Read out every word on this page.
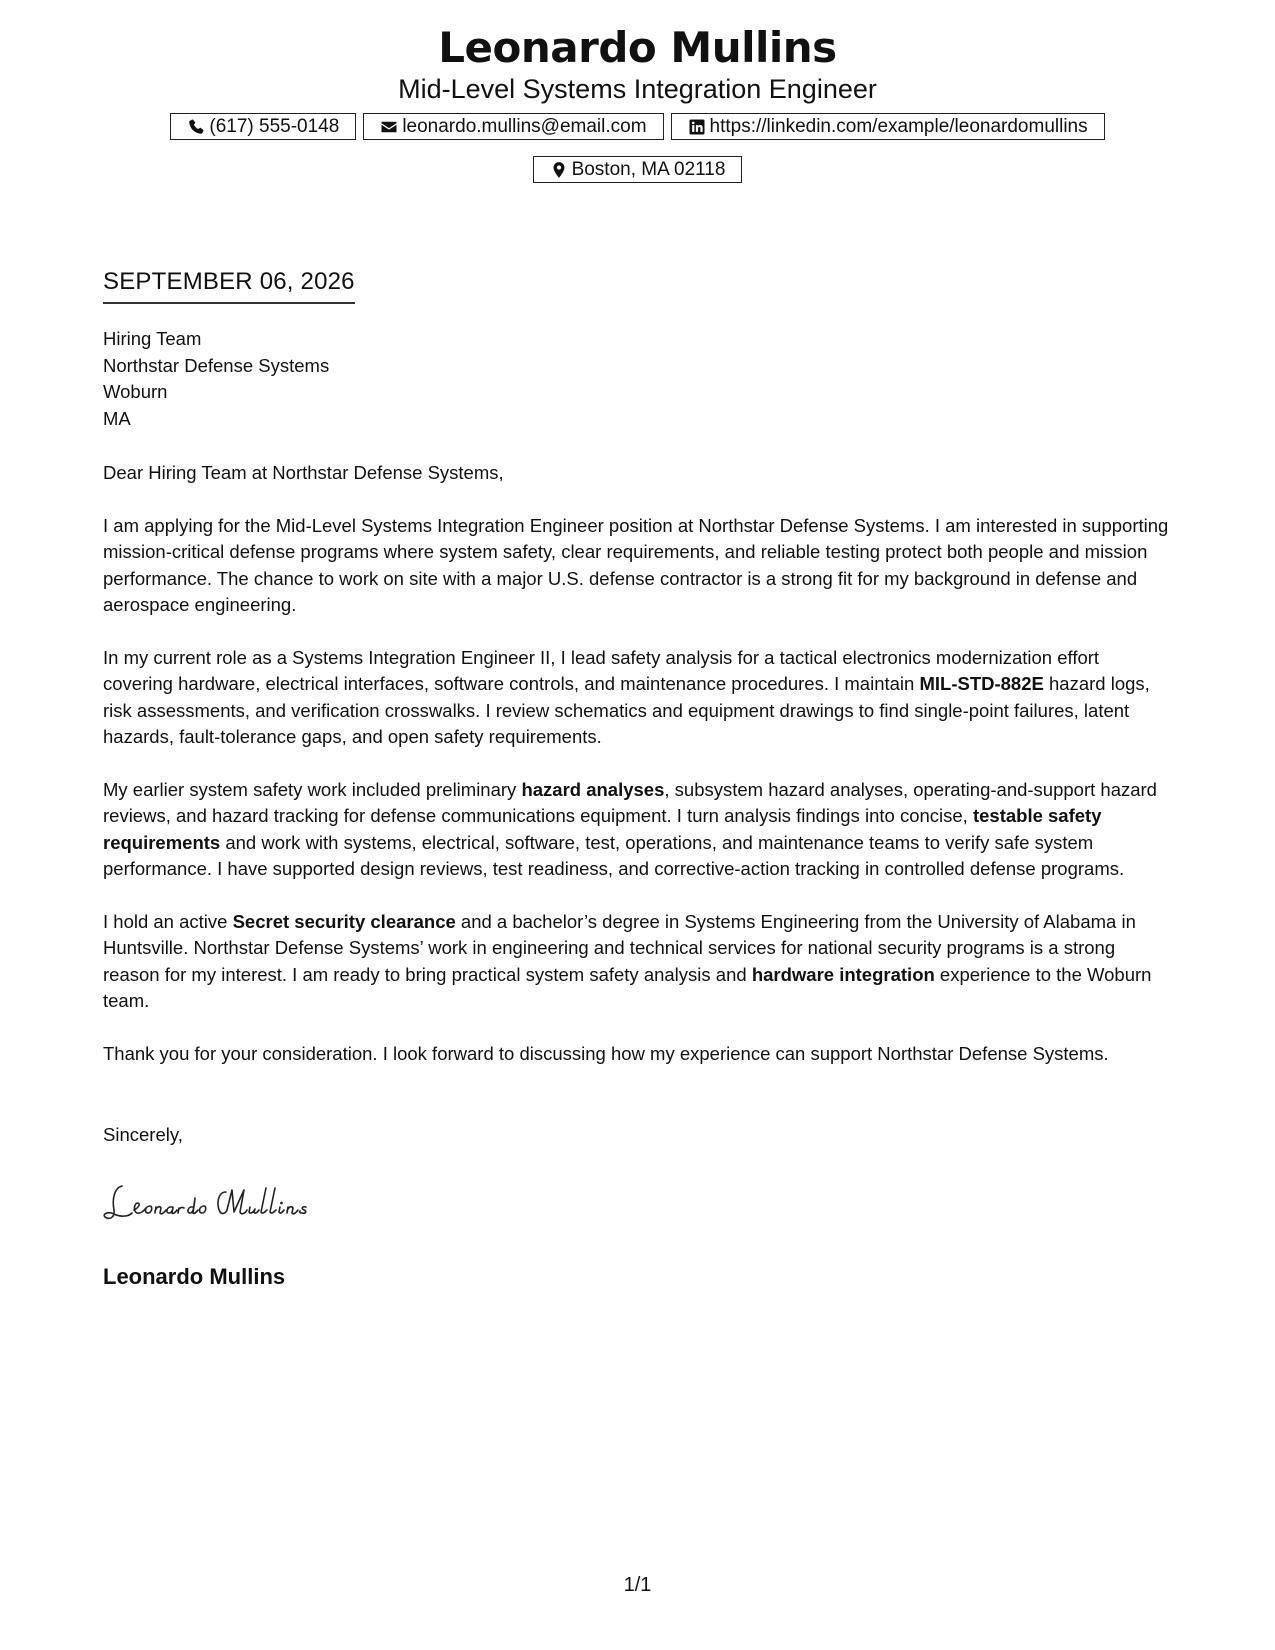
Leonardo Mullins
Mid-Level Systems Integration Engineer
(617) 555-0148	leonardo.mullins@email.com	https://linkedin.com/example/leonardomullins
Boston, MA 02118
SEPTEMBER 06, 2026
Hiring Team
Northstar Defense Systems
Woburn
MA

Dear Hiring Team at Northstar Defense Systems,

I am applying for the Mid-Level Systems Integration Engineer position at Northstar Defense Systems. I am interested in supporting mission-critical defense programs where system safety, clear requirements, and reliable testing protect both people and mission performance. The chance to work on site with a major U.S. defense contractor is a strong fit for my background in defense and aerospace engineering.

In my current role as a Systems Integration Engineer II, I lead safety analysis for a tactical electronics modernization effort covering hardware, electrical interfaces, software controls, and maintenance procedures. I maintain MIL-STD-882E hazard logs, risk assessments, and verification crosswalks. I review schematics and equipment drawings to find single-point failures, latent hazards, fault-tolerance gaps, and open safety requirements.

My earlier system safety work included preliminary hazard analyses, subsystem hazard analyses, operating-and-support hazard reviews, and hazard tracking for defense communications equipment. I turn analysis findings into concise, testable safety requirements and work with systems, electrical, software, test, operations, and maintenance teams to verify safe system performance. I have supported design reviews, test readiness, and corrective-action tracking in controlled defense programs.

I hold an active Secret security clearance and a bachelor’s degree in Systems Engineering from the University of Alabama in Huntsville. Northstar Defense Systems’ work in engineering and technical services for national security programs is a strong reason for my interest. I am ready to bring practical system safety analysis and hardware integration experience to the Woburn team.

Thank you for your consideration. I look forward to discussing how my experience can support Northstar Defense Systems.

Sincerely,
Leonardo Mullins
1/1
